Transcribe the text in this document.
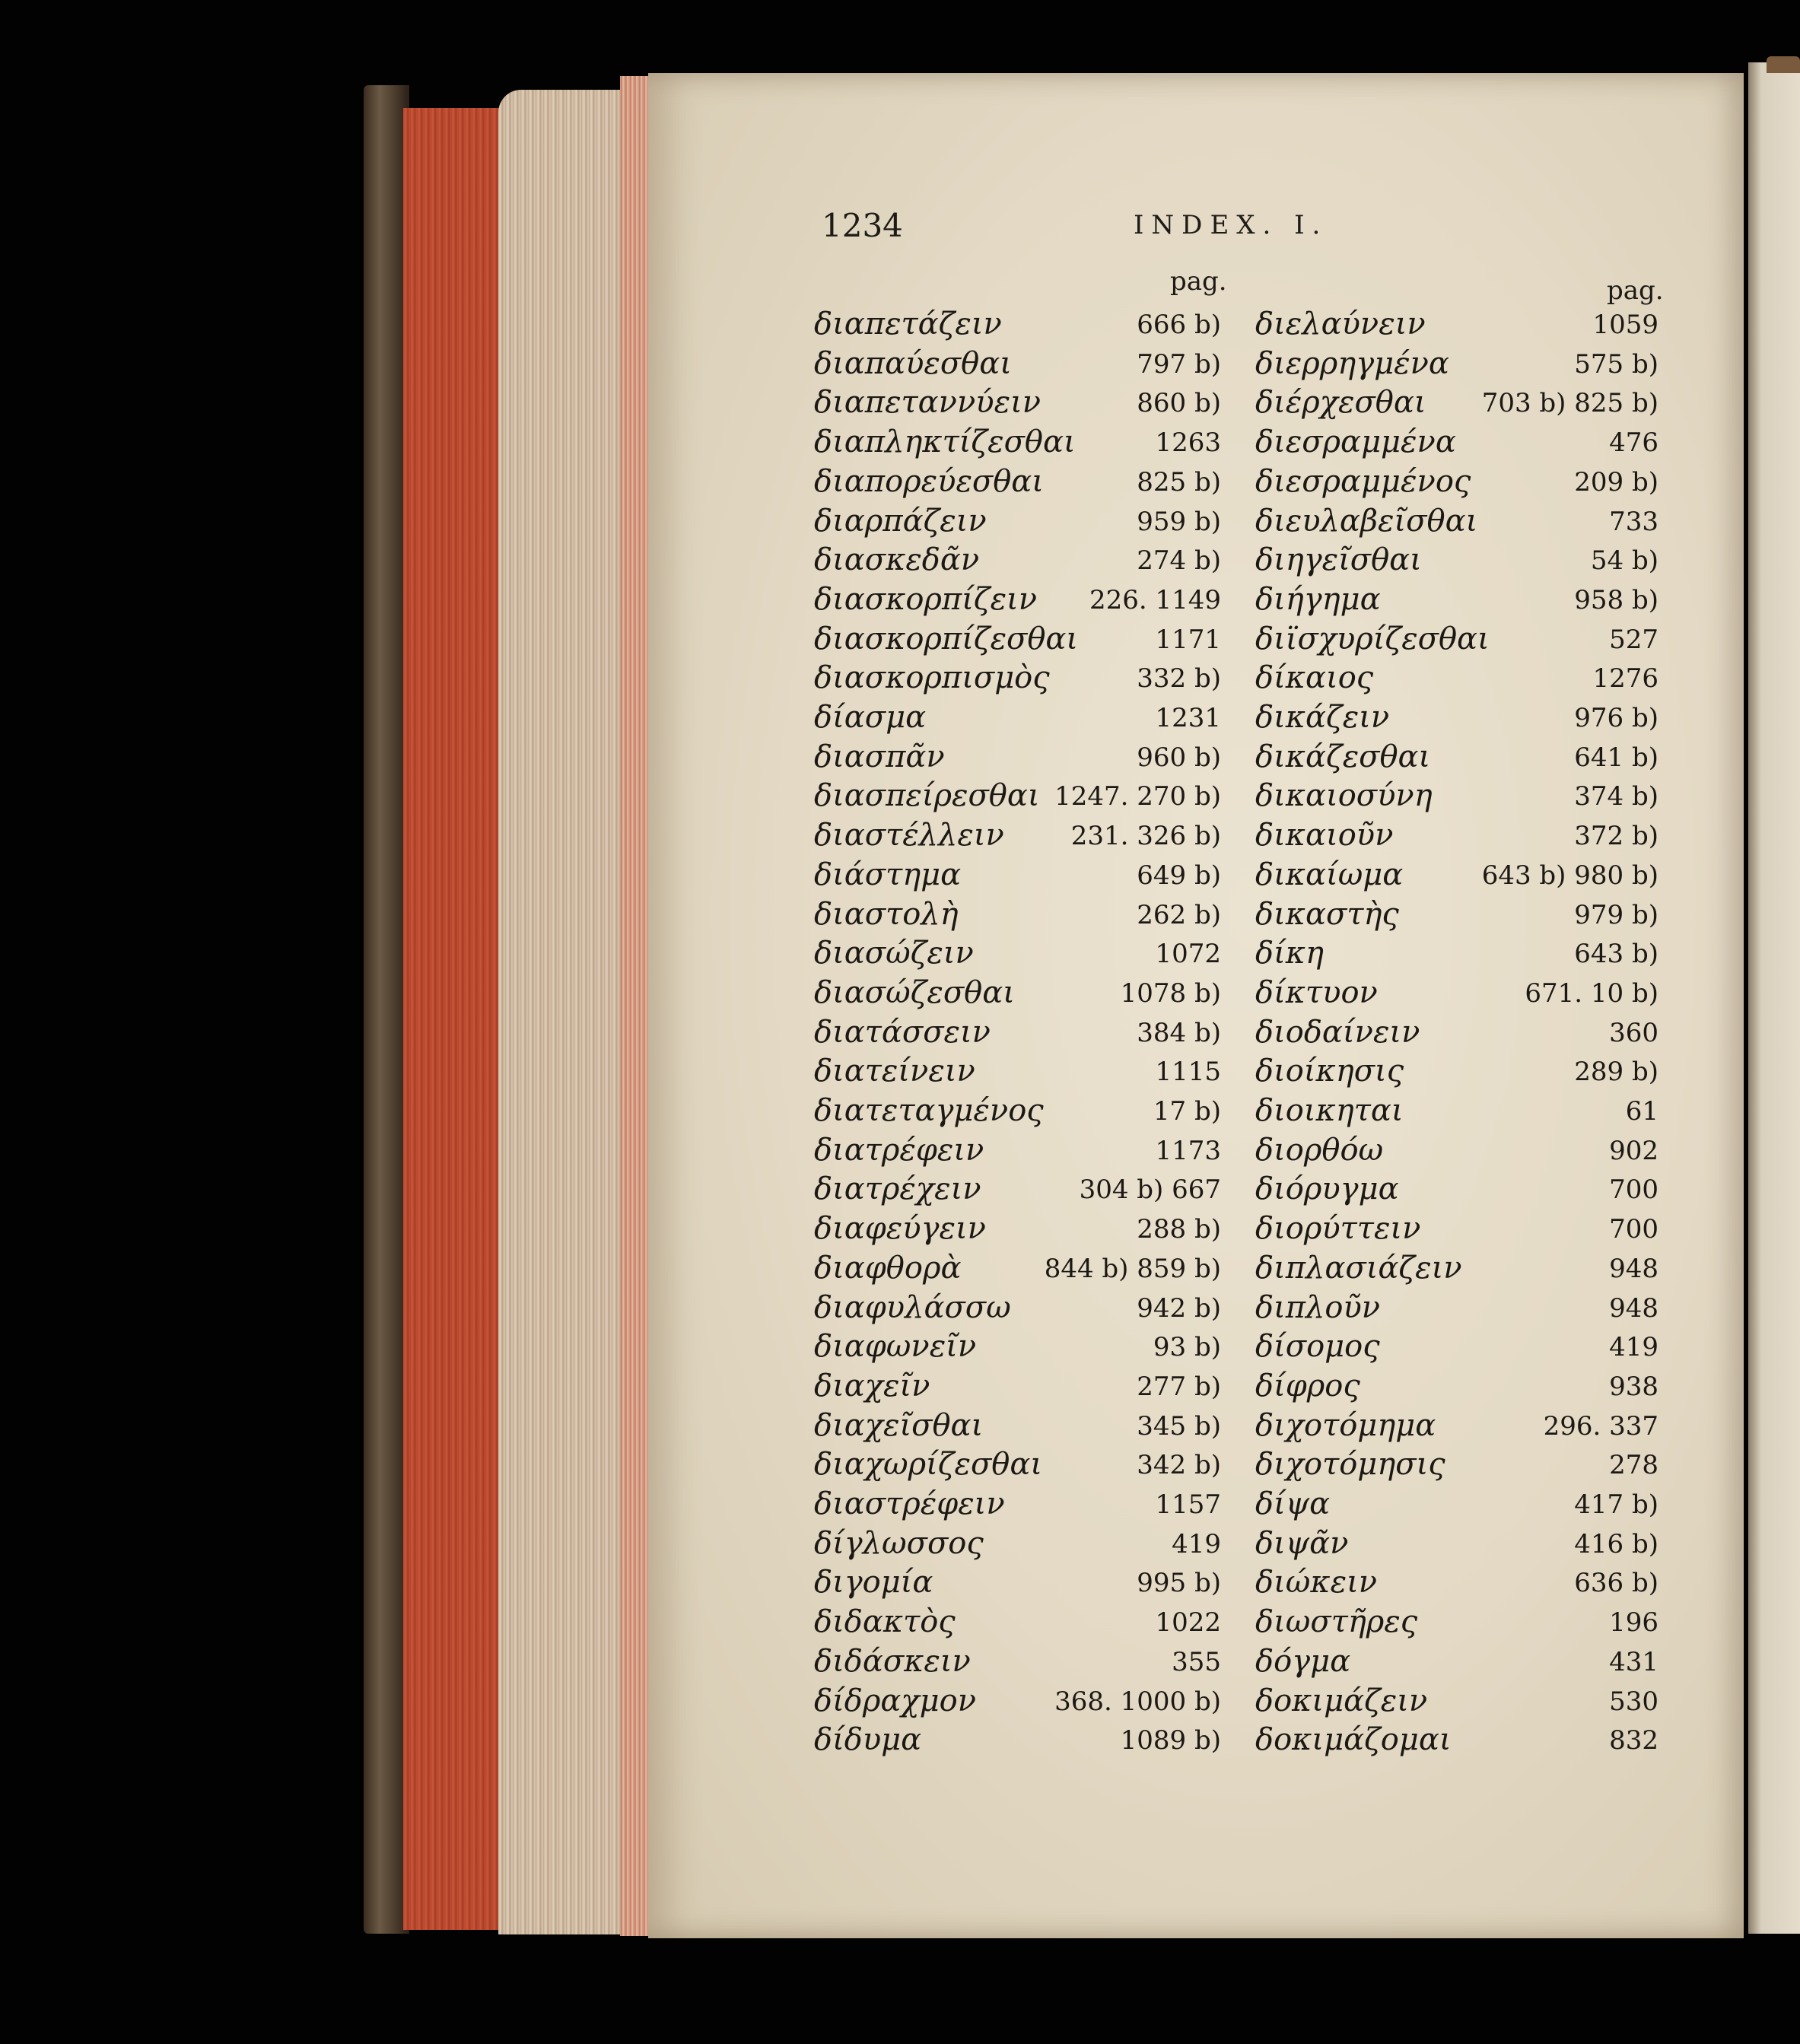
1234	INDEX. I.
pag.	pag.
διαπετάζειν	666 b)
διαπαύεσθαι	797 b)
διαπεταννύειν	860 b)
διαπληκτίζεσθαι	1263
διαπορεύεσθαι	825 b)
διαρπάζειν	959 b)
διασκεδᾶν	274 b)
διασκορπίζειν 226. 1149
διασκορπίζεσθαι	1171
διασκορπισμὸς	332 b)
δίασμα	1231
διασπᾶν	960 b)
διασπείρεσθαι 1247. 270 b)
διαστέλλειν	231. 326 b)
διάστημα	649 b)
διαστολὴ	262 b)
διασώζειν	1072
διασώζεσθαι	1078 b)
διατάσσειν	384 b)
διατείνειν	1115
διατεταγμένος	17 b)
διατρέφειν	1173
διατρέχειν	304 b) 667
διαφεύγειν	288 b)
διαφθορὰ	844 b) 859 b)
διαφυλάσσω	942 b)
διαφωνεῖν	93 b)
διαχεῖν	277 b)
διαχεῖσθαι	345 b)
διαχωρίζεσθαι	342 b)
διαστρέφειν	1157
δίγλωσσος	419
διγομία	995 b)
διδακτὸς	1022
διδάσκειν	355
δίδραχμον	368. 1000 b)
δίδυμα	1089 b)
διελαύνειν	1059
διερρηγμένα	575 b)
διέρχεσθαι 703 b) 825 b)
διεσραμμένα	476
διεσραμμένος	209 b)
διευλαβεῖσθαι	733
διηγεῖσθαι	54 b)
διήγημα	958 b)
διϊσχυρίζεσθαι	527
δίκαιος	1276
δικάζειν	976 b)
δικάζεσθαι	641 b)
δικαιοσύνη	374 b)
δικαιοῦν	372 b)
δικαίωμα	643 b) 980 b)
δικαστὴς	979 b)
δίκη	643 b)
δίκτυον	671. 10 b)
διοδαίνειν	360
διοίκησις	289 b)
διοικηται	61
διορθόω	902
διόρυγμα	700
διορύττειν	700
διπλασιάζειν	948
διπλοῦν	948
δίσομος	419
δίφρος	938
διχοτόμημα	296. 337
διχοτόμησις	278
δίψα	417 b)
διψᾶν	416 b)
διώκειν	636 b)
διωστῆρες	196
δόγμα	431
δοκιμάζειν	530
δοκιμάζομαι	832
